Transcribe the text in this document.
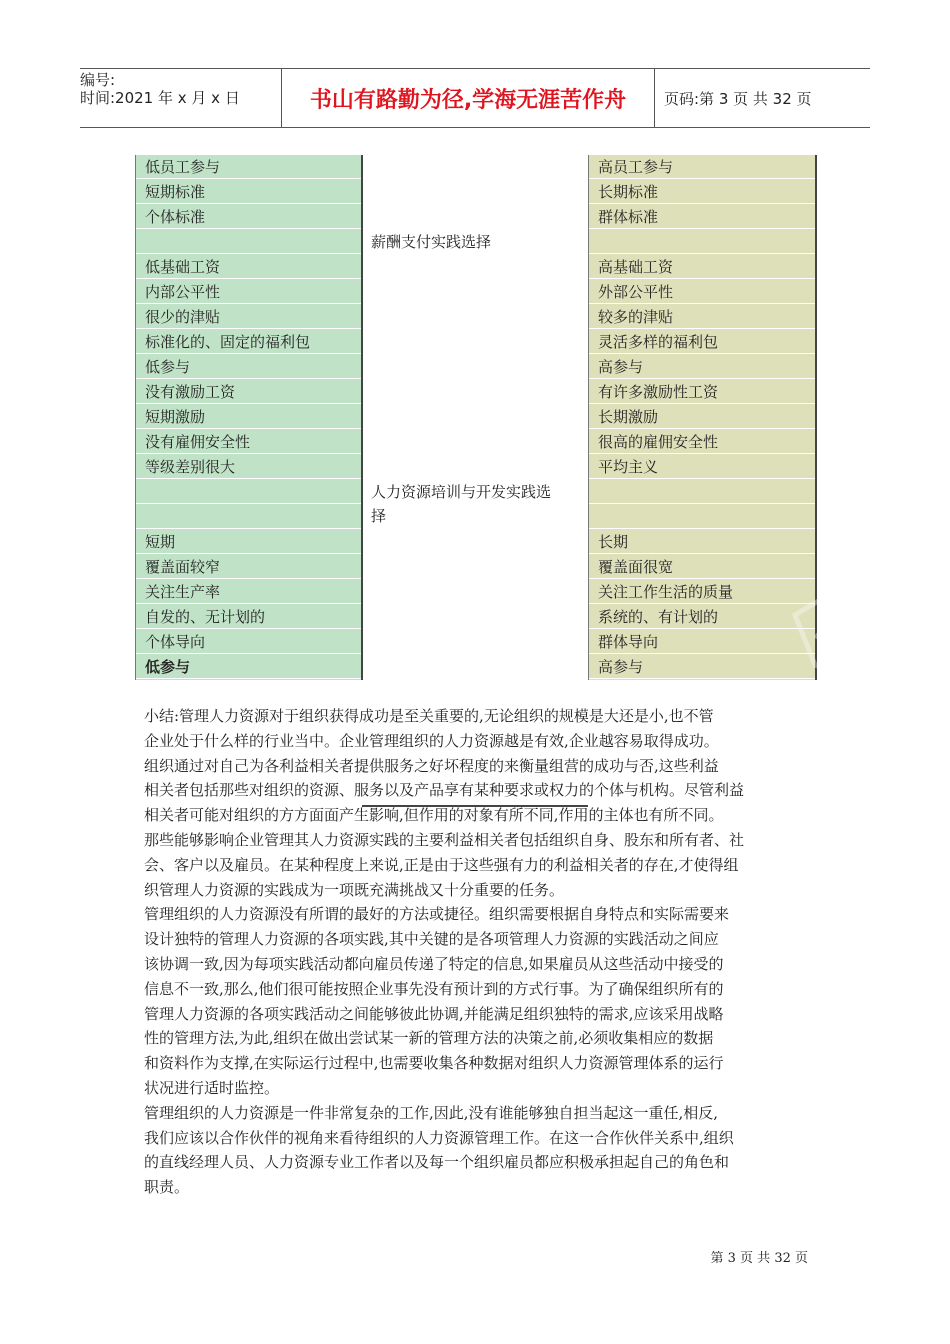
编号:
时间:2021 年 x 月 x 日	书山有路勤为径,学海无涯苦作舟	页码:第 3 页 共 32 页
低员工参与
短期标准
个体标准
低基础工资
内部公平性
很少的津贴
标准化的、固定的福利包
低参与
没有激励工资
短期激励
没有雇佣安全性
等级差别很大
短期
覆盖面较窄
关注生产率
自发的、无计划的
个体导向
低参与
薪酬支付实践选择
人力资源培训与开发实践选
择
高员工参与
长期标准
群体标准
高基础工资
外部公平性
较多的津贴
灵活多样的福利包
高参与
有许多激励性工资
长期激励
很高的雇佣安全性
平均主义
长期
覆盖面很宽
关注工作生活的质量
系统的、有计划的
群体导向
高参与

小结:管理人力资源对于组织获得成功是至关重要的,无论组织的规模是大还是小,也不管
企业处于什么样的行业当中。企业管理组织的人力资源越是有效,企业越容易取得成功。
组织通过对自己为各利益相关者提供服务之好坏程度的来衡量组营的成功与否,这些利益
相关者包括那些对组织的资源、服务以及产品享有某种要求或权力的个体与机构。尽管利益
相关者可能对组织的方方面面产生影响,但作用的对象有所不同,作用的主体也有所不同。
那些能够影响企业管理其人力资源实践的主要利益相关者包括组织自身、股东和所有者、社
会、客户以及雇员。在某种程度上来说,正是由于这些强有力的利益相关者的存在,才使得组
织管理人力资源的实践成为一项既充满挑战又十分重要的任务。

管理组织的人力资源没有所谓的最好的方法或捷径。组织需要根据自身特点和实际需要来
设计独特的管理人力资源的各项实践,其中关键的是各项管理人力资源的实践活动之间应
该协调一致,因为每项实践活动都向雇员传递了特定的信息,如果雇员从这些活动中接受的
信息不一致,那么,他们很可能按照企业事先没有预计到的方式行事。为了确保组织所有的
管理人力资源的各项实践活动之间能够彼此协调,并能满足组织独特的需求,应该采用战略
性的管理方法,为此,组织在做出尝试某一新的管理方法的决策之前,必须收集相应的数据
和资料作为支撑,在实际运行过程中,也需要收集各种数据对组织人力资源管理体系的运行
状况进行适时监控。

管理组织的人力资源是一件非常复杂的工作,因此,没有谁能够独自担当起这一重任,相反,
我们应该以合作伙伴的视角来看待组织的人力资源管理工作。在这一合作伙伴关系中,组织
的直线经理人员、人力资源专业工作者以及每一个组织雇员都应积极承担起自己的角色和
职责。

第 3 页 共 32 页
